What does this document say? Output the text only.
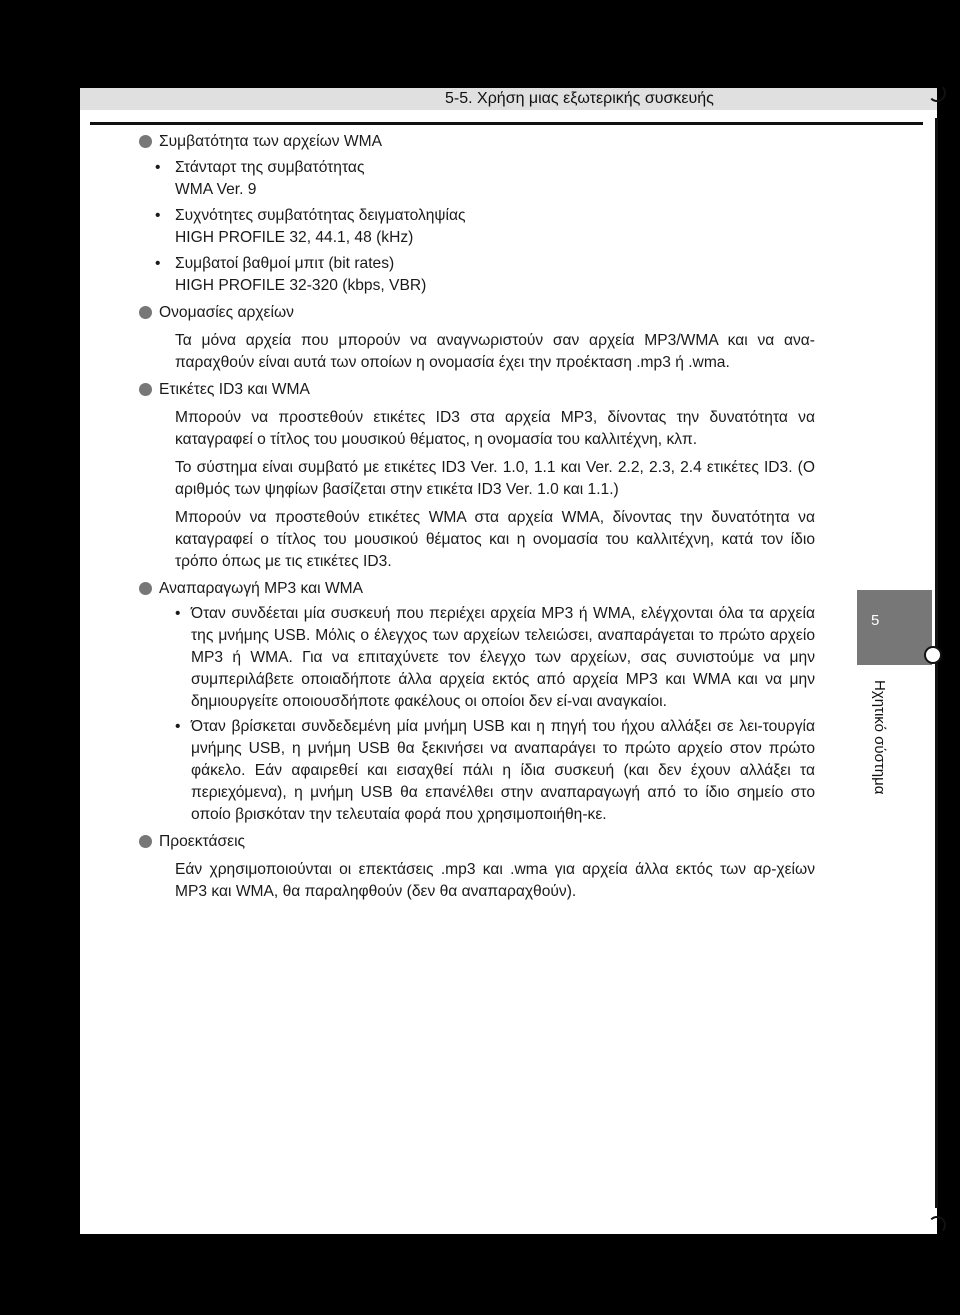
5-5. Χρήση μιας εξωτερικής συσκευής
Συμβατότητα των αρχείων WMA
• Στάνταρτ της συμβατότητας
WMA Ver. 9
• Συχνότητες συμβατότητας δειγματοληψίας
HIGH PROFILE 32, 44.1, 48 (kHz)
• Συμβατοί βαθμοί μπιτ (bit rates)
HIGH PROFILE 32-320 (kbps, VBR)
Ονομασίες αρχείων
Τα μόνα αρχεία που μπορούν να αναγνωριστούν σαν αρχεία MP3/WMA και να ανα-παραχθούν είναι αυτά των οποίων η ονομασία έχει την προέκταση .mp3 ή .wma.
Ετικέτες ID3 και WMA
Μπορούν να προστεθούν ετικέτες ID3 στα αρχεία MP3, δίνοντας την δυνατότητα να καταγραφεί ο τίτλος του μουσικού θέματος, η ονομασία του καλλιτέχνη, κλπ.
Το σύστημα είναι συμβατό με ετικέτες ID3 Ver. 1.0, 1.1 και Ver. 2.2, 2.3, 2.4 ετικέτες ID3. (Ο αριθμός των ψηφίων βασίζεται στην ετικέτα ID3 Ver. 1.0 και 1.1.)
Μπορούν να προστεθούν ετικέτες WMA στα αρχεία WMA, δίνοντας την δυνατότητα να καταγραφεί ο τίτλος του μουσικού θέματος και η ονομασία του καλλιτέχνη, κατά τον ίδιο τρόπο όπως με τις ετικέτες ID3.
Αναπαραγωγή MP3 και WMA
• Όταν συνδέεται μία συσκευή που περιέχει αρχεία MP3 ή WMA, ελέγχονται όλα τα αρχεία της μνήμης USB. Μόλις ο έλεγχος των αρχείων τελειώσει, αναπαράγεται το πρώτο αρχείο MP3 ή WMA. Για να επιταχύνετε τον έλεγχο των αρχείων, σας συνιστούμε να μην συμπεριλάβετε οποιαδήποτε άλλα αρχεία εκτός από αρχεία MP3 και WMA και να μην δημιουργείτε οποιουσδήποτε φακέλους οι οποίοι δεν εί-ναι αναγκαίοι.
• Όταν βρίσκεται συνδεδεμένη μία μνήμη USB και η πηγή του ήχου αλλάξει σε λει-τουργία μνήμης USB, η μνήμη USB θα ξεκινήσει να αναπαράγει το πρώτο αρχείο στον πρώτο φάκελο. Εάν αφαιρεθεί και εισαχθεί πάλι η ίδια συσκευή (και δεν έχουν αλλάξει τα περιεχόμενα), η μνήμη USB θα επανέλθει στην αναπαραγωγή από το ίδιο σημείο στο οποίο βρισκόταν την τελευταία φορά που χρησιμοποιήθη-κε.
Προεκτάσεις
Εάν χρησιμοποιούνται οι επεκτάσεις .mp3 και .wma για αρχεία άλλα εκτός των αρ-χείων MP3 και WMA, θα παραληφθούν (δεν θα αναπαραχθούν).
5
Ηχητικό σύστημα
